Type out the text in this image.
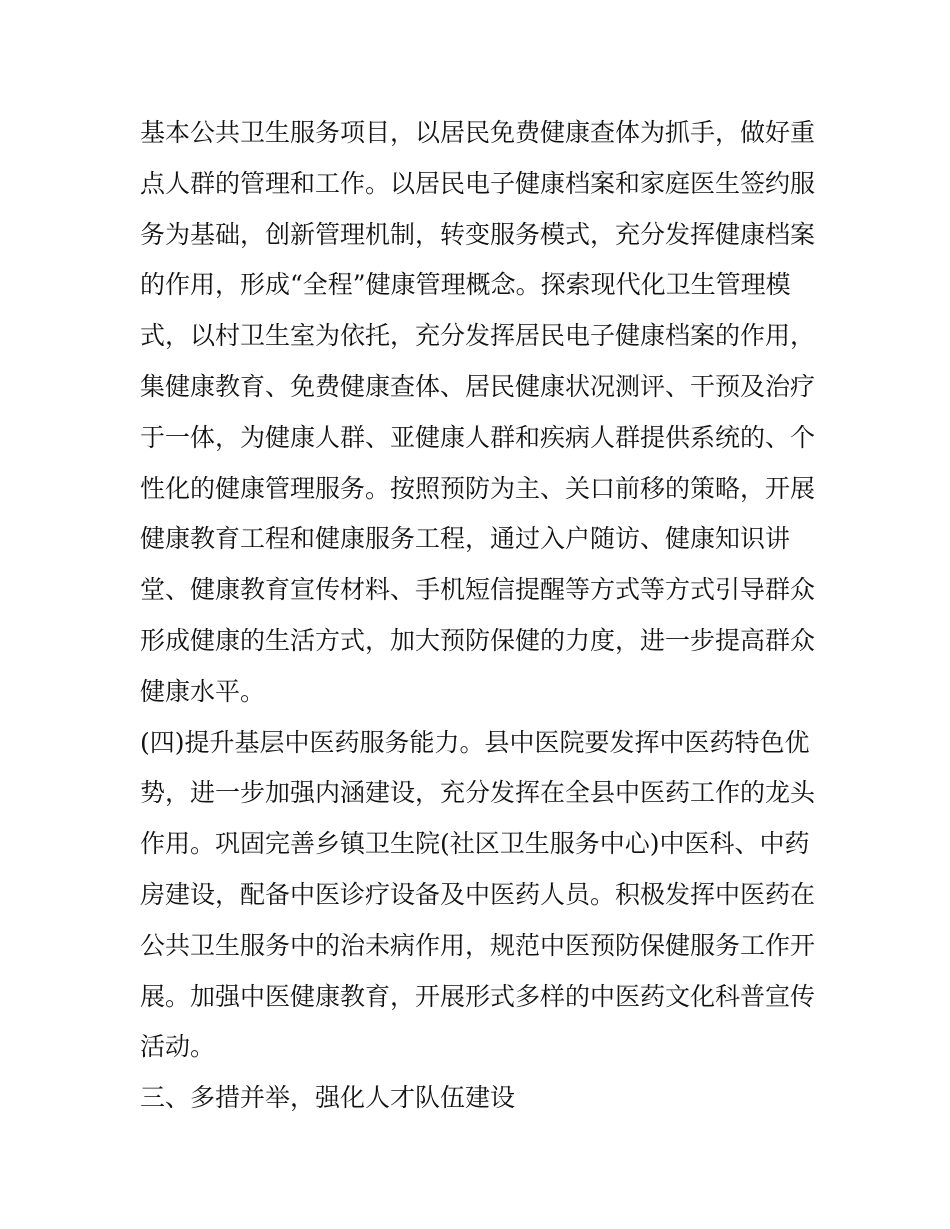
基本公共卫生服务项目，以居民免费健康查体为抓手，做好重
点人群的管理和工作。以居民电子健康档案和家庭医生签约服
务为基础，创新管理机制，转变服务模式，充分发挥健康档案
的作用，形成“全程”健康管理概念。探索现代化卫生管理模
式，以村卫生室为依托，充分发挥居民电子健康档案的作用，
集健康教育、免费健康查体、居民健康状况测评、干预及治疗
于一体，为健康人群、亚健康人群和疾病人群提供系统的、个
性化的健康管理服务。按照预防为主、关口前移的策略，开展
健康教育工程和健康服务工程，通过入户随访、健康知识讲
堂、健康教育宣传材料、手机短信提醒等方式等方式引导群众
形成健康的生活方式，加大预防保健的力度，进一步提高群众
健康水平。
(四)提升基层中医药服务能力。县中医院要发挥中医药特色优
势，进一步加强内涵建设，充分发挥在全县中医药工作的龙头
作用。巩固完善乡镇卫生院(社区卫生服务中心)中医科、中药
房建设，配备中医诊疗设备及中医药人员。积极发挥中医药在
公共卫生服务中的治未病作用，规范中医预防保健服务工作开
展。加强中医健康教育，开展形式多样的中医药文化科普宣传
活动。
三、多措并举，强化人才队伍建设
